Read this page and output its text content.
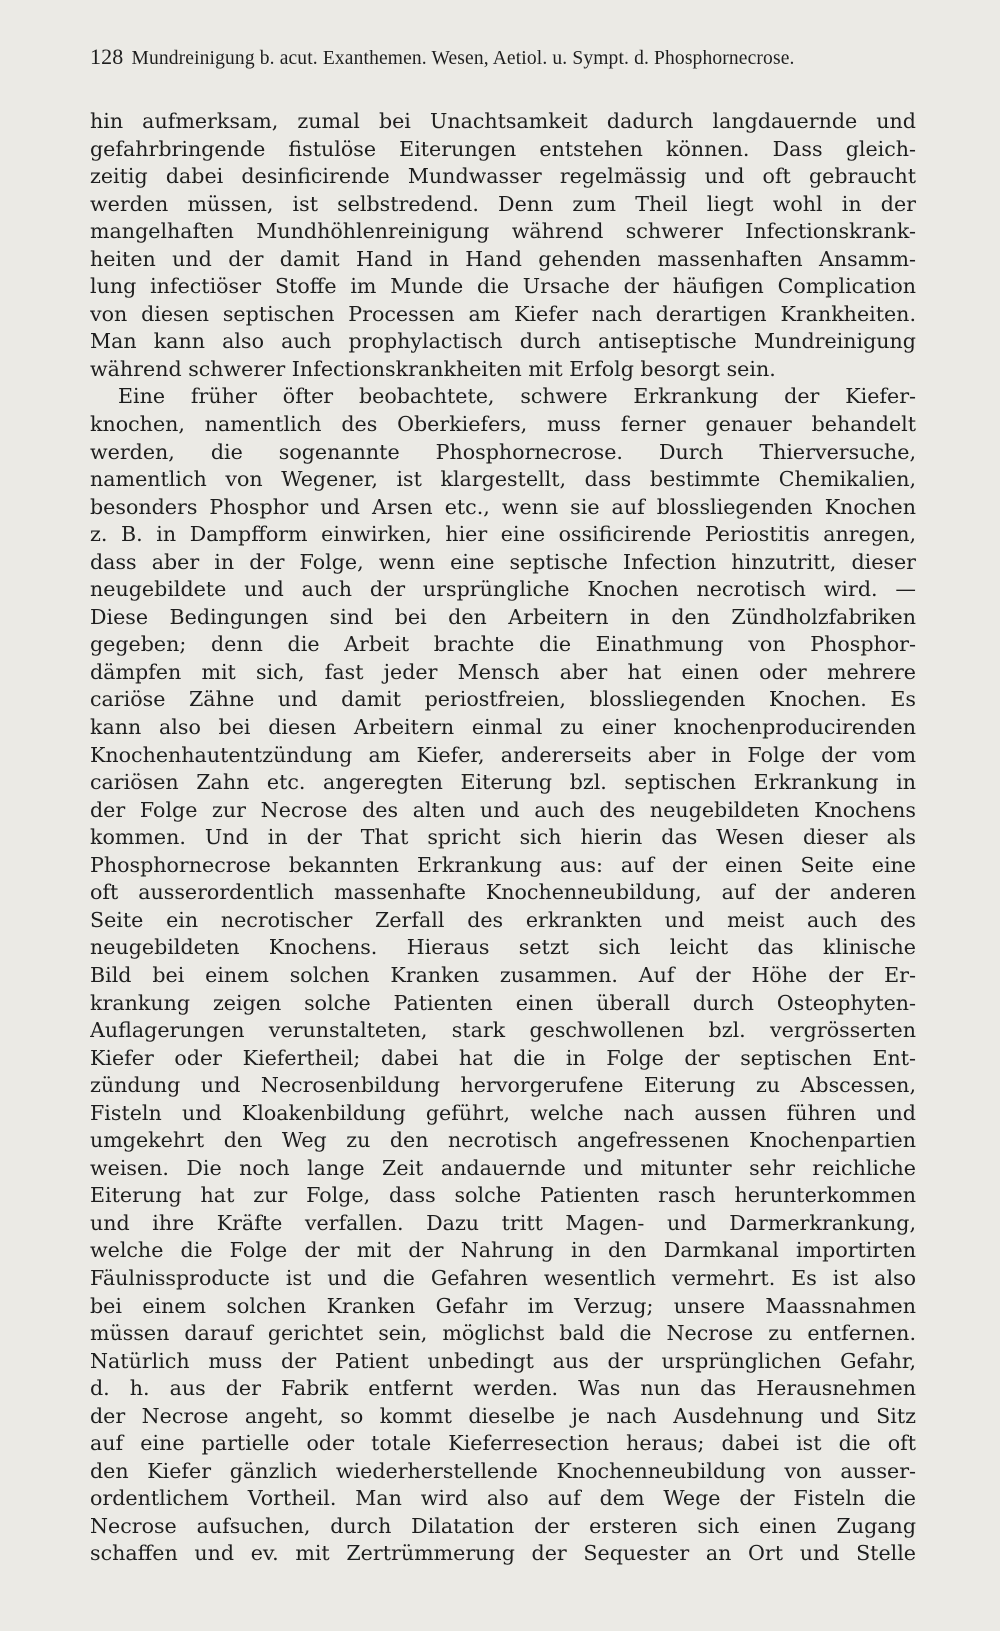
128 Mundreinigung b. acut. Exanthemen. Wesen, Aetiol. u. Sympt. d. Phosphornecrose.
hin aufmerksam, zumal bei Unachtsamkeit dadurch langdauernde und
gefahrbringende fistulöse Eiterungen entstehen können. Dass gleich-
zeitig dabei desinficirende Mundwasser regelmässig und oft gebraucht
werden müssen, ist selbstredend. Denn zum Theil liegt wohl in der
mangelhaften Mundhöhlenreinigung während schwerer Infectionskrank-
heiten und der damit Hand in Hand gehenden massenhaften Ansamm-
lung infectiöser Stoffe im Munde die Ursache der häufigen Complication
von diesen septischen Processen am Kiefer nach derartigen Krankheiten.
Man kann also auch prophylactisch durch antiseptische Mundreinigung
während schwerer Infectionskrankheiten mit Erfolg besorgt sein.
Eine früher öfter beobachtete, schwere Erkrankung der Kiefer-
knochen, namentlich des Oberkiefers, muss ferner genauer behandelt
werden, die sogenannte Phosphornecrose. Durch Thierversuche,
namentlich von Wegener, ist klargestellt, dass bestimmte Chemikalien,
besonders Phosphor und Arsen etc., wenn sie auf blossliegenden Knochen
z. B. in Dampfform einwirken, hier eine ossificirende Periostitis anregen,
dass aber in der Folge, wenn eine septische Infection hinzutritt, dieser
neugebildete und auch der ursprüngliche Knochen necrotisch wird. —
Diese Bedingungen sind bei den Arbeitern in den Zündholzfabriken
gegeben; denn die Arbeit brachte die Einathmung von Phosphor-
dämpfen mit sich, fast jeder Mensch aber hat einen oder mehrere
cariöse Zähne und damit periostfreien, blossliegenden Knochen. Es
kann also bei diesen Arbeitern einmal zu einer knochenproducirenden
Knochenhautentzündung am Kiefer, andererseits aber in Folge der vom
cariösen Zahn etc. angeregten Eiterung bzl. septischen Erkrankung in
der Folge zur Necrose des alten und auch des neugebildeten Knochens
kommen. Und in der That spricht sich hierin das Wesen dieser als
Phosphornecrose bekannten Erkrankung aus: auf der einen Seite eine
oft ausserordentlich massenhafte Knochenneubildung, auf der anderen
Seite ein necrotischer Zerfall des erkrankten und meist auch des
neugebildeten Knochens. Hieraus setzt sich leicht das klinische
Bild bei einem solchen Kranken zusammen. Auf der Höhe der Er-
krankung zeigen solche Patienten einen überall durch Osteophyten-
Auflagerungen verunstalteten, stark geschwollenen bzl. vergrösserten
Kiefer oder Kiefertheil; dabei hat die in Folge der septischen Ent-
zündung und Necrosenbildung hervorgerufene Eiterung zu Abscessen,
Fisteln und Kloakenbildung geführt, welche nach aussen führen und
umgekehrt den Weg zu den necrotisch angefressenen Knochenpartien
weisen. Die noch lange Zeit andauernde und mitunter sehr reichliche
Eiterung hat zur Folge, dass solche Patienten rasch herunterkommen
und ihre Kräfte verfallen. Dazu tritt Magen- und Darmerkrankung,
welche die Folge der mit der Nahrung in den Darmkanal importirten
Fäulnissproducte ist und die Gefahren wesentlich vermehrt. Es ist also
bei einem solchen Kranken Gefahr im Verzug; unsere Maassnahmen
müssen darauf gerichtet sein, möglichst bald die Necrose zu entfernen.
Natürlich muss der Patient unbedingt aus der ursprünglichen Gefahr,
d. h. aus der Fabrik entfernt werden. Was nun das Herausnehmen
der Necrose angeht, so kommt dieselbe je nach Ausdehnung und Sitz
auf eine partielle oder totale Kieferresection heraus; dabei ist die oft
den Kiefer gänzlich wiederherstellende Knochenneubildung von ausser-
ordentlichem Vortheil. Man wird also auf dem Wege der Fisteln die
Necrose aufsuchen, durch Dilatation der ersteren sich einen Zugang
schaffen und ev. mit Zertrümmerung der Sequester an Ort und Stelle
